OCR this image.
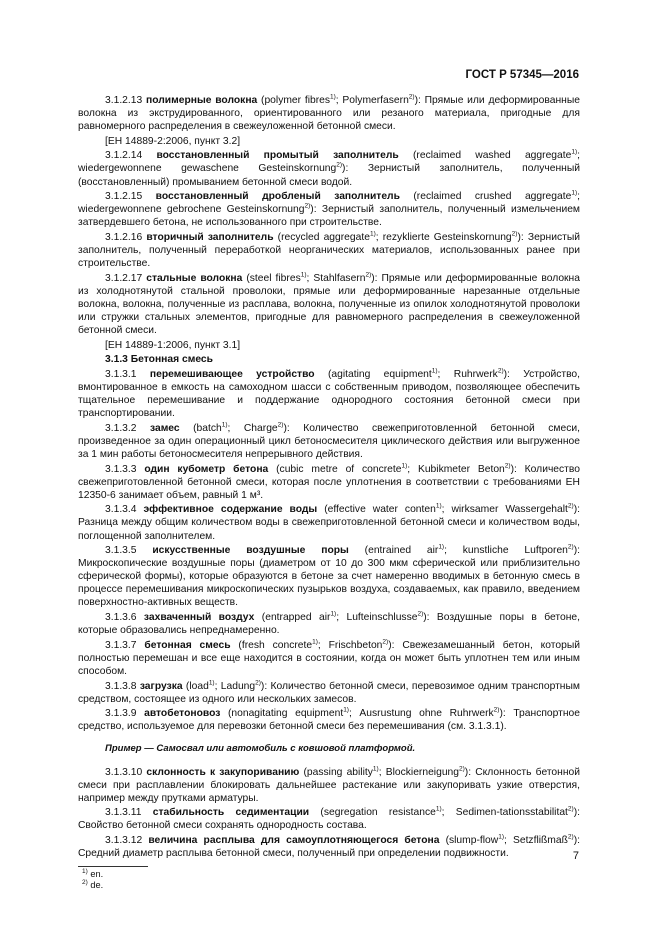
ГОСТ Р 57345—2016
3.1.2.13 полимерные волокна (polymer fibres$^{1)}$; Polymerfasern$^{2)}$): Прямые или деформированные волокна из экструдированного, ориентированного или резаного материала, пригодные для равномерного распределения в свежеуложенной бетонной смеси.
[ЕН 14889-2:2006, пункт 3.2]
3.1.2.14 восстановленный промытый заполнитель (reclaimed washed aggregate$^{1)}$; wiedergewonnene gewaschene Gesteinskornung$^{2)}$): Зернистый заполнитель, полученный (восстановленный) промыванием бетонной смеси водой.
3.1.2.15 восстановленный дробленый заполнитель (reclaimed crushed aggregate$^{1)}$; wiedergewonnene gebrochene Gesteinskornung$^{2)}$): Зернистый заполнитель, полученный измельчением затвердевшего бетона, не использованного при строительстве.
3.1.2.16 вторичный заполнитель (recycled aggregate$^{1)}$; rezyklierte Gesteinskornung$^{2)}$): Зернистый заполнитель, полученный переработкой неорганических материалов, использованных ранее при строительстве.
3.1.2.17 стальные волокна (steel fibres$^{1)}$; Stahlfasern$^{2)}$): Прямые или деформированные волокна из холоднотянутой стальной проволоки, прямые или деформированные нарезанные отдельные волокна, волокна, полученные из расплава, волокна, полученные из опилок холоднотянутой проволоки или стружки стальных элементов, пригодные для равномерного распределения в свежеуложенной бетонной смеси.
[ЕН 14889-1:2006, пункт 3.1]
3.1.3 Бетонная смесь
3.1.3.1 перемешивающее устройство (agitating equipment$^{1)}$; Ruhrwerk$^{2)}$): Устройство, вмонтированное в емкость на самоходном шасси с собственным приводом, позволяющее обеспечить тщательное перемешивание и поддержание однородного состояния бетонной смеси при транспортировании.
3.1.3.2 замес (batch$^{1)}$; Charge$^{2)}$): Количество свежеприготовленной бетонной смеси, произведенное за один операционный цикл бетоносмесителя циклического действия или выгруженное за 1 мин работы бетоносмесителя непрерывного действия.
3.1.3.3 один кубометр бетона (cubic metre of concrete$^{1)}$; Kubikmeter Beton$^{2)}$): Количество свежеприготовленной бетонной смеси, которая после уплотнения в соответствии с требованиями ЕН 12350-6 занимает объем, равный 1 м³.
3.1.3.4 эффективное содержание воды (effective water conten$^{1)}$; wirksamer Wassergehalt$^{2)}$): Разница между общим количеством воды в свежеприготовленной бетонной смеси и количеством воды, поглощенной заполнителем.
3.1.3.5 искусственные воздушные поры (entrained air$^{1)}$; kunstliche Luftporen$^{2)}$): Микроскопические воздушные поры (диаметром от 10 до 300 мкм сферической или приблизительно сферической формы), которые образуются в бетоне за счет намеренно вводимых в бетонную смесь в процессе перемешивания микроскопических пузырьков воздуха, создаваемых, как правило, введением поверхностно-активных веществ.
3.1.3.6 захваченный воздух (entrapped air$^{1)}$; Lufteinschlusse$^{2)}$): Воздушные поры в бетоне, которые образовались непреднамеренно.
3.1.3.7 бетонная смесь (fresh concrete$^{1)}$; Frischbeton$^{2)}$): Свежезамешанный бетон, который полностью перемешан и все еще находится в состоянии, когда он может быть уплотнен тем или иным способом.
3.1.3.8 загрузка (load$^{1)}$; Ladung$^{2)}$): Количество бетонной смеси, перевозимое одним транспортным средством, состоящее из одного или нескольких замесов.
3.1.3.9 автобетоновоз (nonagitating equipment$^{1)}$; Ausrustung ohne Ruhrwerk$^{2)}$): Транспортное средство, используемое для перевозки бетонной смеси без перемешивания (см. 3.1.3.1).
Пример — Самосвал или автомобиль с ковшовой платформой.
3.1.3.10 склонность к закупориванию (passing ability$^{1)}$; Blockierneigung$^{2)}$): Склонность бетонной смеси при расплавлении блокировать дальнейшее растекание или закупоривать узкие отверстия, например между прутками арматуры.
3.1.3.11 стабильность седиментации (segregation resistance$^{1)}$; Sedimen-tationsstabilitat$^{2)}$): Свойство бетонной смеси сохранять однородность состава.
3.1.3.12 величина расплыва для самоуплотняющегося бетона (slump-flow$^{1)}$; Setzflißmaß$^{2)}$): Средний диаметр расплыва бетонной смеси, полученный при определении подвижности.
$^{1)}$ en.
$^{2)}$ de.
7
